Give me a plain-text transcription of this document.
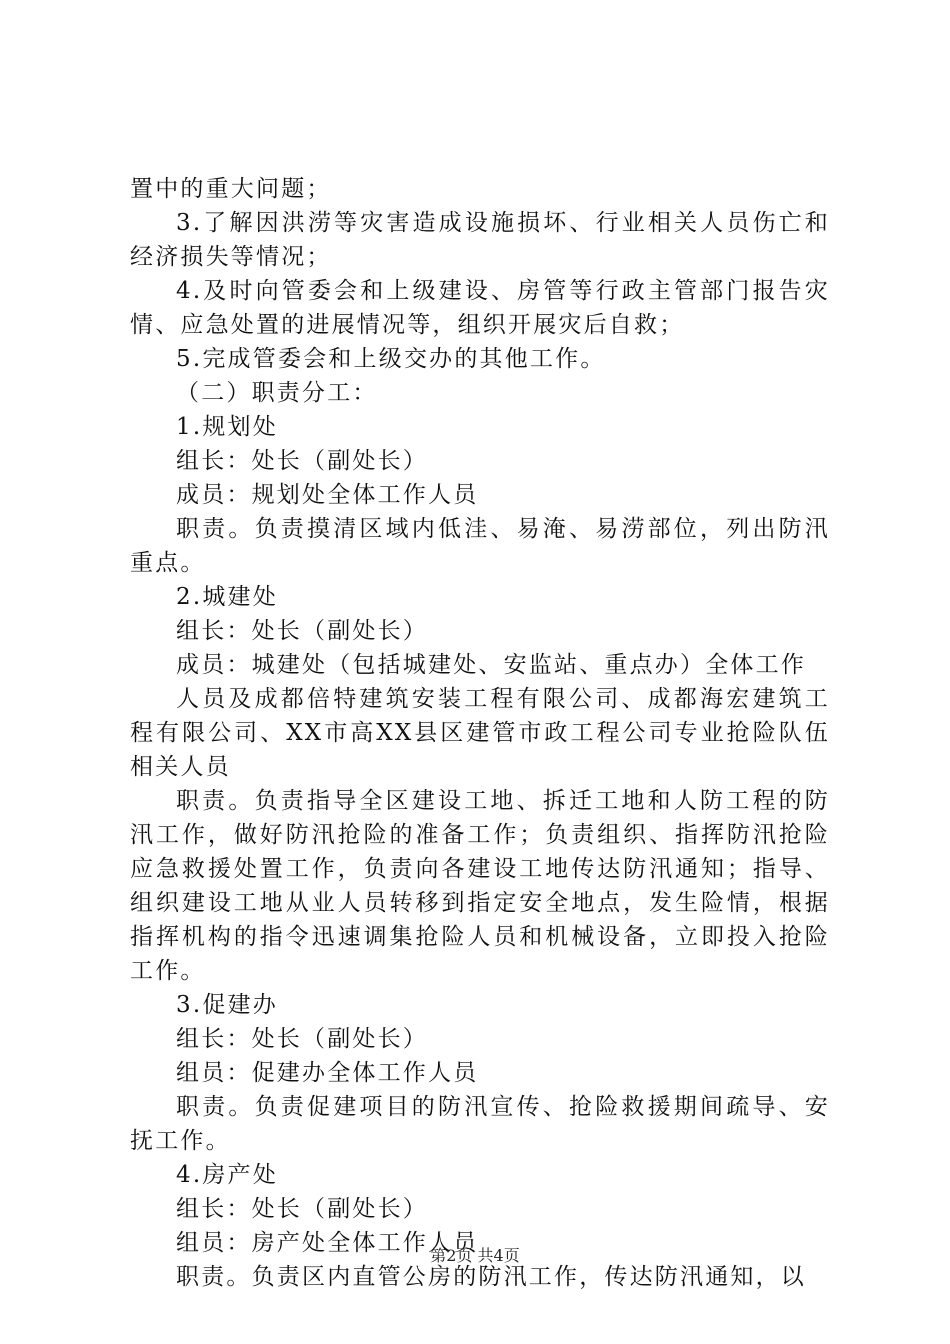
置中的重大问题；

3.了解因洪涝等灾害造成设施损坏、行业相关人员伤亡和经济损失等情况；

4.及时向管委会和上级建设、房管等行政主管部门报告灾情、应急处置的进展情况等，组织开展灾后自救；

5.完成管委会和上级交办的其他工作。

（二）职责分工：

1.规划处

组长：处长（副处长）

成员：规划处全体工作人员

职责。负责摸清区域内低洼、易淹、易涝部位，列出防汛重点。

2.城建处

组长：处长（副处长）

成员：城建处（包括城建处、安监站、重点办）全体工作

人员及成都倍特建筑安装工程有限公司、成都海宏建筑工程有限公司、XX市高XX县区建管市政工程公司专业抢险队伍相关人员

职责。负责指导全区建设工地、拆迁工地和人防工程的防汛工作，做好防汛抢险的准备工作；负责组织、指挥防汛抢险应急救援处置工作，负责向各建设工地传达防汛通知；指导、组织建设工地从业人员转移到指定安全地点，发生险情，根据指挥机构的指令迅速调集抢险人员和机械设备，立即投入抢险工作。

3.促建办

组长：处长（副处长）

组员：促建办全体工作人员

职责。负责促建项目的防汛宣传、抢险救援期间疏导、安抚工作。

4.房产处

组长：处长（副处长）

组员：房产处全体工作人员

职责。负责区内直管公房的防汛工作，传达防汛通知，以

第2页 共4页
